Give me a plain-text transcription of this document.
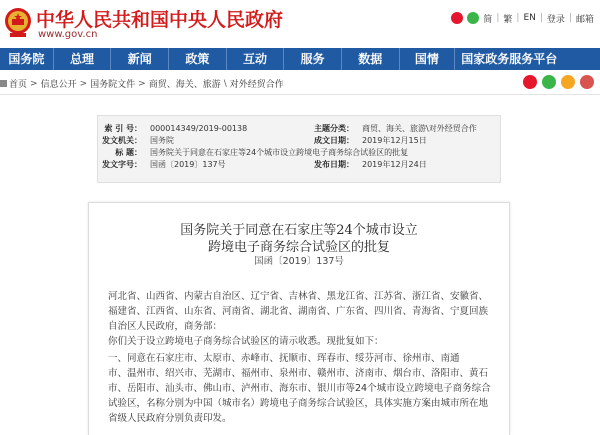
中华人民共和国中央人民政府
www.gov.cn
简 | 繁 | EN | 登录 | 邮箱
国务院	总理	新闻	政策	互动	服务	数据	国情	国家政务服务平台
首页 > 信息公开 > 国务院文件 > 商贸、海关、旅游 \ 对外经贸合作
索 引 号： 000014349/2019-00138	主题分类： 商贸、海关、旅游\对外经贸合作
发文机关： 国务院	成文日期： 2019年12月15日
标 题： 国务院关于同意在石家庄等24个城市设立跨境电子商务综合试验区的批复
发文字号： 国函〔2019〕137号	发布日期： 2019年12月24日
国务院关于同意在石家庄等24个城市设立
跨境电子商务综合试验区的批复
国函〔2019〕137号
河北省、山西省、内蒙古自治区、辽宁省、吉林省、黑龙江省、江苏省、浙江省、安徽省、
福建省、江西省、山东省、河南省、湖北省、湖南省、广东省、四川省、青海省、宁夏回族
自治区人民政府，商务部：
你们关于设立跨境电子商务综合试验区的请示收悉。现批复如下：
一、同意在石家庄市、太原市、赤峰市、抚顺市、珲春市、绥芬河市、徐州市、南通
市、温州市、绍兴市、芜湖市、福州市、泉州市、赣州市、济南市、烟台市、洛阳市、黄石
市、岳阳市、汕头市、佛山市、泸州市、海东市、银川市等24个城市设立跨境电子商务综合
试验区，名称分别为中国（城市名）跨境电子商务综合试验区，具体实施方案由城市所在地
省级人民政府分别负责印发。
